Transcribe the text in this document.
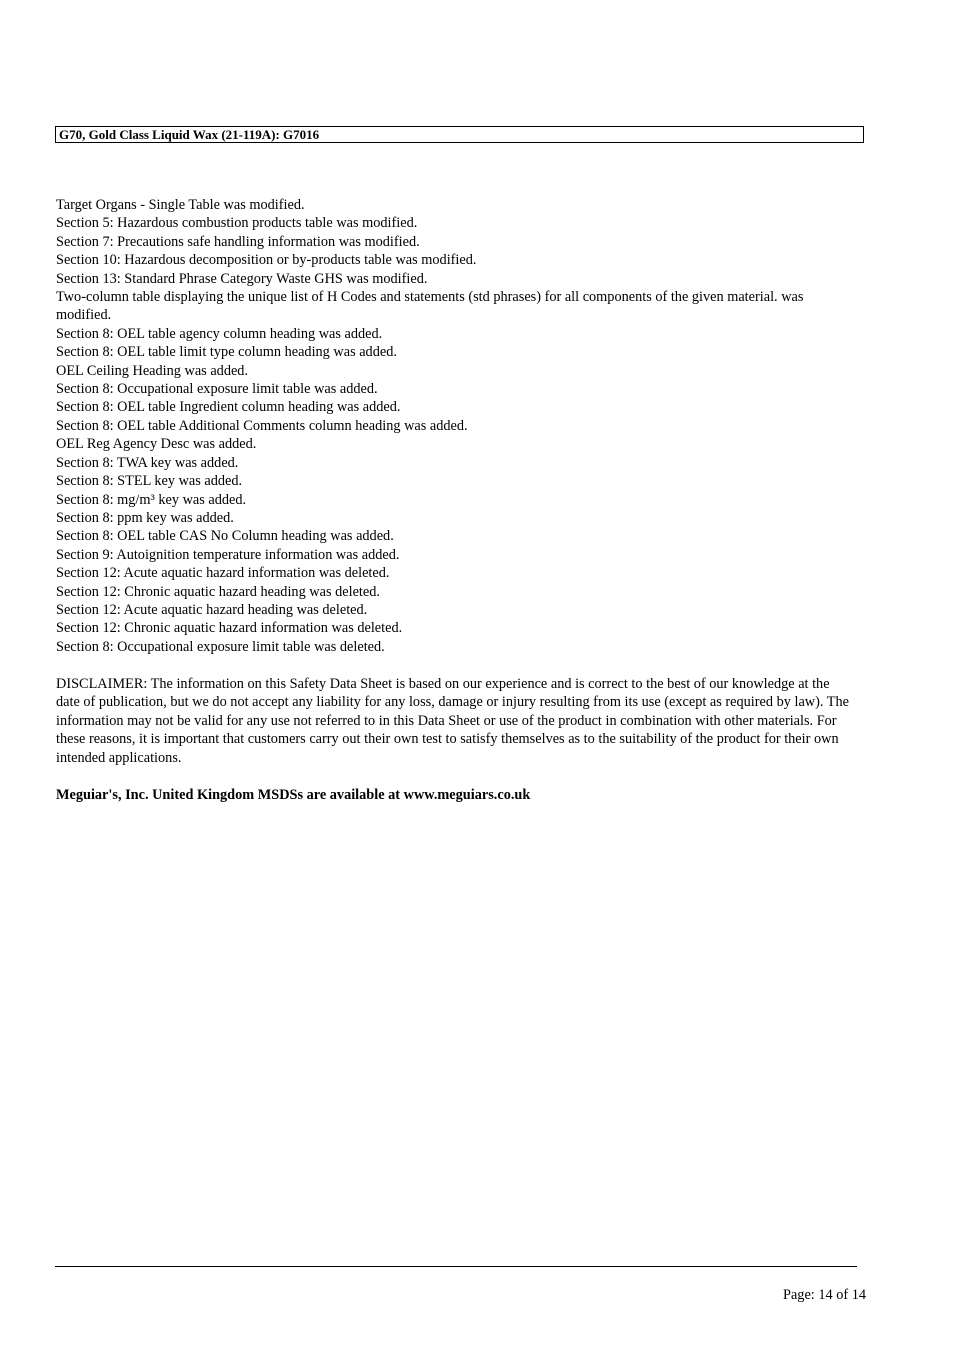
G70, Gold Class Liquid Wax (21-119A): G7016
Target Organs - Single Table was modified.
Section 5: Hazardous combustion products table was modified.
Section 7: Precautions safe handling information was modified.
Section 10: Hazardous decomposition or by-products table was modified.
Section 13: Standard Phrase Category Waste GHS was modified.
Two-column table displaying the unique list of H Codes and statements (std phrases) for all components of the given material. was modified.
Section 8: OEL table agency column heading was added.
Section 8: OEL table limit type column heading was added.
OEL Ceiling Heading was added.
Section 8: Occupational exposure limit table was added.
Section 8: OEL table Ingredient column heading was added.
Section 8: OEL table Additional Comments column heading was added.
OEL Reg Agency Desc was added.
Section 8: TWA key was added.
Section 8: STEL key was added.
Section 8: mg/m³ key was added.
Section 8: ppm key was added.
Section 8: OEL table CAS No Column heading was added.
Section 9: Autoignition temperature information was added.
Section 12: Acute aquatic hazard information was deleted.
Section 12: Chronic aquatic hazard heading was deleted.
Section 12: Acute aquatic hazard heading was deleted.
Section 12: Chronic aquatic hazard information was deleted.
Section 8: Occupational exposure limit table was deleted.

DISCLAIMER: The information on this Safety Data Sheet is based on our experience and is correct to the best of our knowledge at the date of publication, but we do not accept any liability for any loss, damage or injury resulting from its use (except as required by law). The information may not be valid for any use not referred to in this Data Sheet or use of the product in combination with other materials. For these reasons, it is important that customers carry out their own test to satisfy themselves as to the suitability of the product for their own intended applications.

Meguiar's, Inc. United Kingdom MSDSs are available at www.meguiars.co.uk

Page: 14 of 14
